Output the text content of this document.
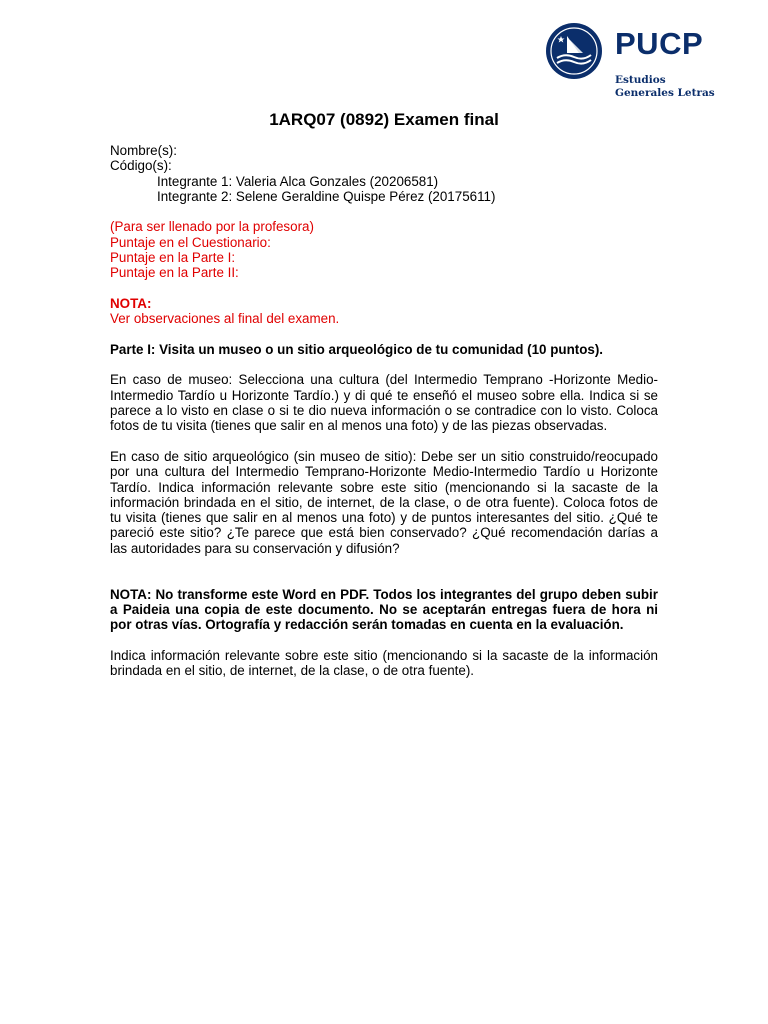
PUCP
Estudios
Generales Letras
1ARQ07 (0892) Examen final

Nombre(s):

Código(s):

Integrante 1: Valeria Alca Gonzales (20206581)

Integrante 2: Selene Geraldine Quispe Pérez (20175611)

(Para ser llenado por la profesora)

Puntaje en el Cuestionario:

Puntaje en la Parte I:

Puntaje en la Parte II:

NOTA:

Ver observaciones al final del examen.

Parte I: Visita un museo o un sitio arqueológico de tu comunidad (10 puntos).

En caso de museo: Selecciona una cultura (del Intermedio Temprano -Horizonte Medio-Intermedio Tardío u Horizonte Tardío.) y di qué te enseñó el museo sobre ella. Indica si se parece a lo visto en clase o si te dio nueva información o se contradice con lo visto. Coloca fotos de tu visita (tienes que salir en al menos una foto) y de las piezas observadas.

En caso de sitio arqueológico (sin museo de sitio): Debe ser un sitio construido/reocupado por una cultura del Intermedio Temprano-Horizonte Medio-Intermedio Tardío u Horizonte Tardío. Indica información relevante sobre este sitio (mencionando si la sacaste de la información brindada en el sitio, de internet, de la clase, o de otra fuente). Coloca fotos de tu visita (tienes que salir en al menos una foto) y de puntos interesantes del sitio. ¿Qué te pareció este sitio? ¿Te parece que está bien conservado? ¿Qué recomendación darías a las autoridades para su conservación y difusión?

NOTA: No transforme este Word en PDF. Todos los integrantes del grupo deben subir a Paideia una copia de este documento. No se aceptarán entregas fuera de hora ni por otras vías. Ortografía y redacción serán tomadas en cuenta en la evaluación.

Indica información relevante sobre este sitio (mencionando si la sacaste de la información brindada en el sitio, de internet, de la clase, o de otra fuente).
